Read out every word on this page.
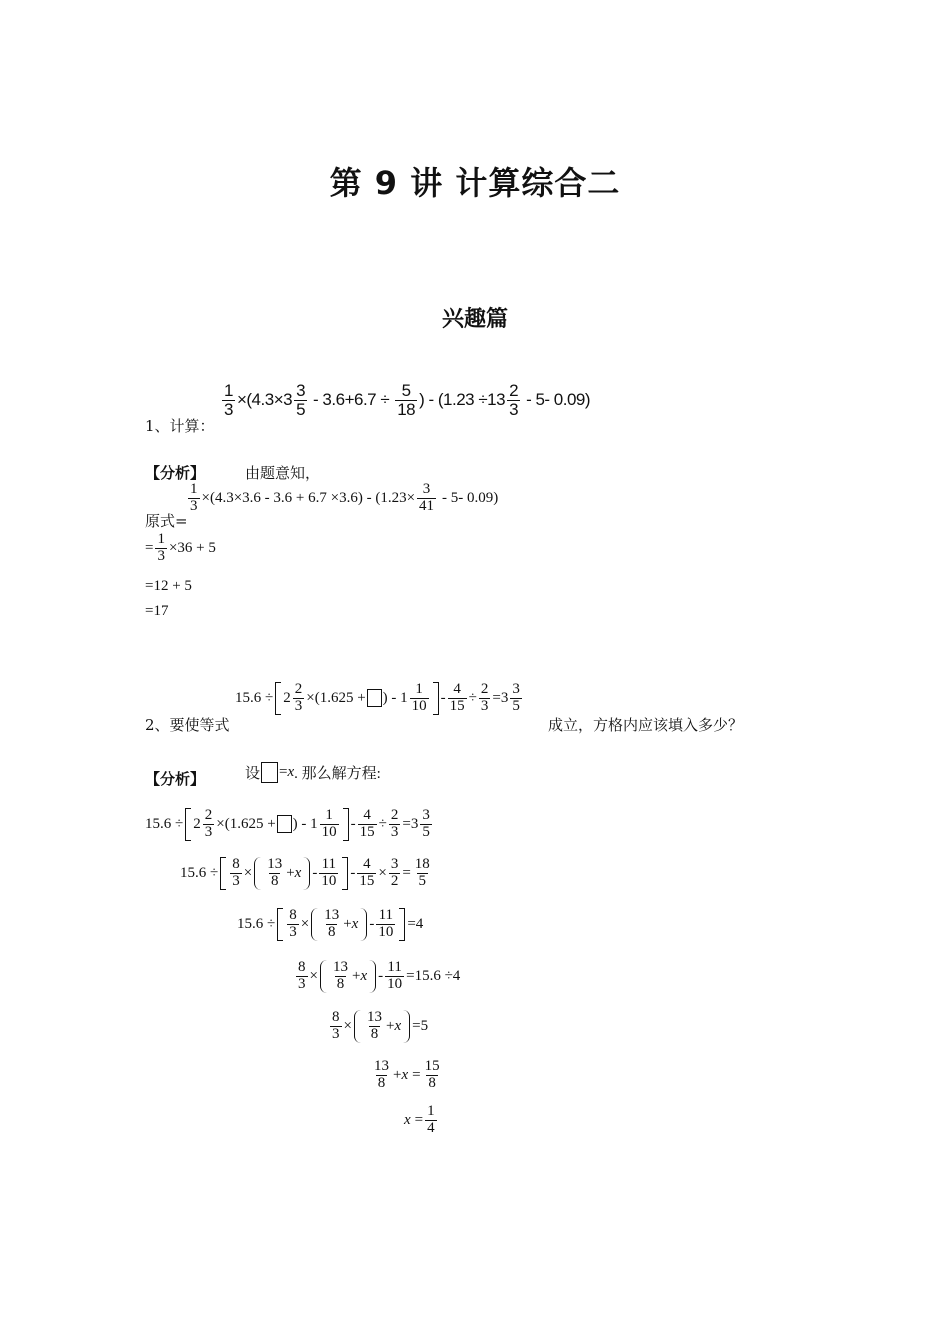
第 9 讲 计算综合二
兴趣篇
1、计算：
$\frac{1}{3} \times(4.3\times 3$ 3
5 - 3.6+6.7 ÷ 5
18 ) - (1.23 ÷13 2
3 - 5- 0.09)
【分析】	由题意知，
原式=
$\frac{1}{3} \times(4.3\times 3.6 - 3.6 + 6.7 \times 3.6) - (1.23\times \frac{3}{41} - 5-$ 0.09)
= $\frac{1}{3} \times 36 + 5$
=12 + 5
=17
2、要使等式
$15.6 \div 2 \frac{2}{3} \times(1.625$ + ) - 1
1
$10 - \frac{4}{15} \div \frac{2}{3} =3$
3
5
成立，方格内应该填入多少？
【分析】	设 = x . 那么解方程:
$15.6 \div 2 \frac{2}{3} \times(1.625$ + ) - 1
1
$10 - \frac{4}{15} \div \frac{2}{3} =3$
3
5
$15.6 \div \frac{8}{3}$ ×
13
8 + x -
11
$10 - \frac{4}{15} \times \frac{3}{2} = \frac{18}{5}$
$15.6 \div \frac{8}{3}$ ×
13
8 + x -
11
10 =4
$\frac{8}{3}$ ×
13
$8 + x - \frac{11}{10} =15.6 \div 4$
$\frac{8}{3}$ ×
13
8 + x =5
13
$8 + x = \frac{15}{8}$
$x = \frac{1}{4}$
